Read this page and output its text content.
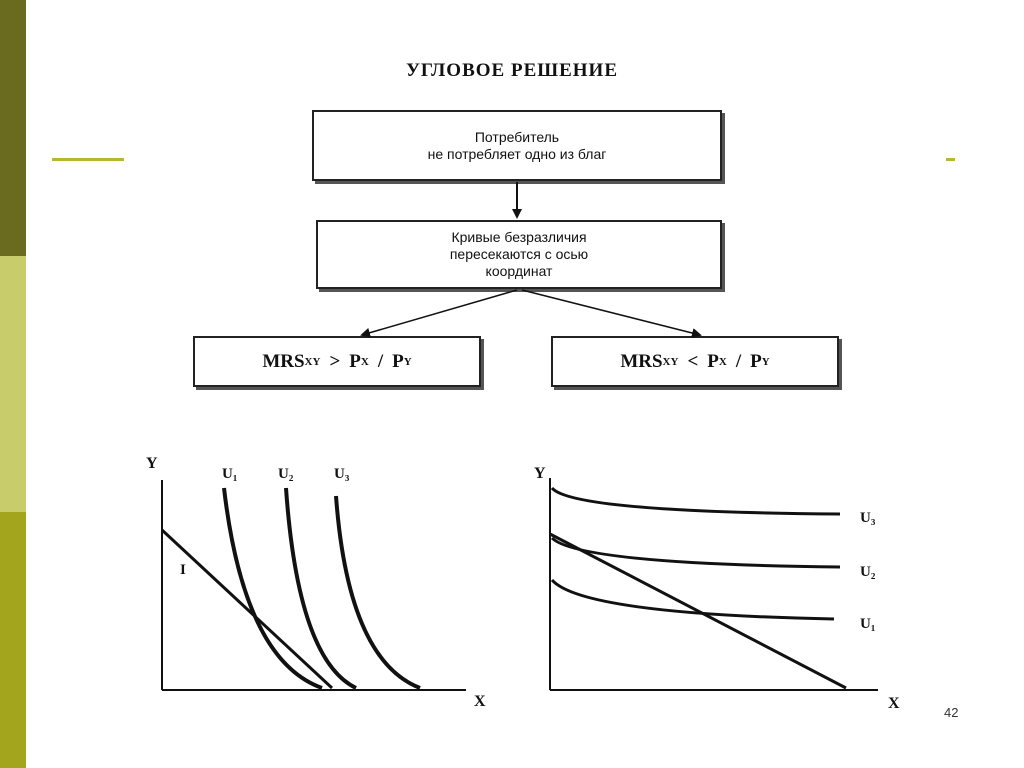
УГЛОВОЕ РЕШЕНИЕ
Потребитель
не потребляет одно из благ
Кривые безразличия
пересекаются с осью
координат
MRS XY > P X / P Y	MRS XY < P X / P Y
Y
X
I
U₁	U₂	U₃	Y
X
U₃
U₂
U₁
42
